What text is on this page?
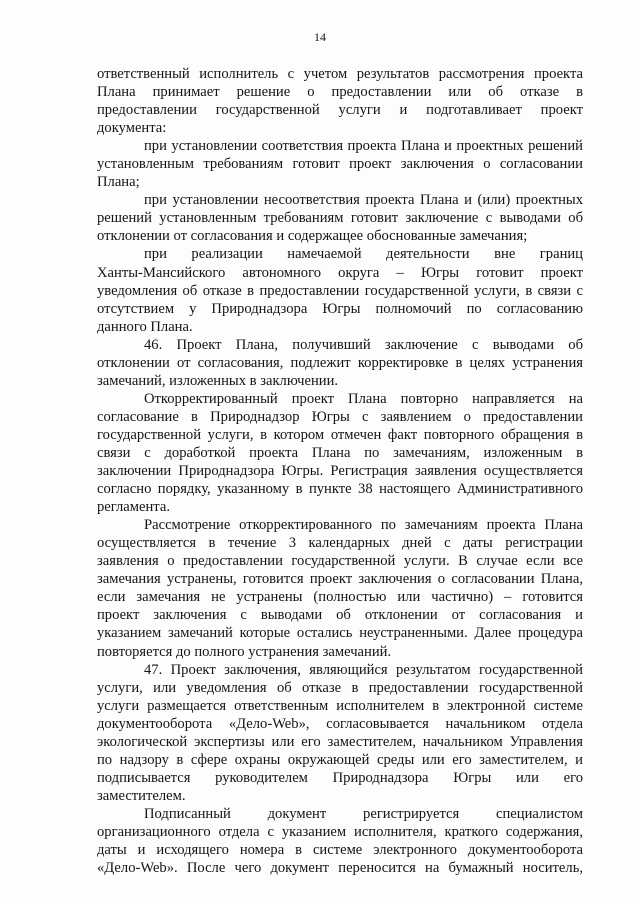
14
ответственный исполнитель с учетом результатов рассмотрения проекта
Плана принимает решение о предоставлении или об отказе в
предоставлении государственной услуги и подготавливает проект
документа:
при установлении соответствия проекта Плана и проектных решений
установленным требованиям готовит проект заключения о согласовании
Плана;
при установлении несоответствия проекта Плана и (или) проектных
решений установленным требованиям готовит заключение с выводами об
отклонении от согласования и содержащее обоснованные замечания;
при реализации намечаемой деятельности вне границ
Ханты-Мансийского автономного округа – Югры готовит проект
уведомления об отказе в предоставлении государственной услуги, в связи с
отсутствием у Природнадзора Югры полномочий по согласованию
данного Плана.
46. Проект Плана, получивший заключение с выводами об
отклонении от согласования, подлежит корректировке в целях устранения
замечаний, изложенных в заключении.
Откорректированный проект Плана повторно направляется на
согласование в Природнадзор Югры с заявлением о предоставлении
государственной услуги, в котором отмечен факт повторного обращения в
связи с доработкой проекта Плана по замечаниям, изложенным в
заключении Природнадзора Югры. Регистрация заявления осуществляется
согласно порядку, указанному в пункте 38 настоящего Административного
регламента.
Рассмотрение откорректированного по замечаниям проекта Плана
осуществляется в течение 3 календарных дней с даты регистрации
заявления о предоставлении государственной услуги. В случае если все
замечания устранены, готовится проект заключения о согласовании Плана,
если замечания не устранены (полностью или частично) – готовится
проект заключения с выводами об отклонении от согласования и
указанием замечаний которые остались неустраненными. Далее процедура
повторяется до полного устранения замечаний.
47. Проект заключения, являющийся результатом государственной
услуги, или уведомления об отказе в предоставлении государственной
услуги размещается ответственным исполнителем в электронной системе
документооборота «Дело-Web», согласовывается начальником отдела
экологической экспертизы или его заместителем, начальником Управления
по надзору в сфере охраны окружающей среды или его заместителем, и
подписывается руководителем Природнадзора Югры или его
заместителем.
Подписанный документ регистрируется специалистом
организационного отдела с указанием исполнителя, краткого содержания,
даты и исходящего номера в системе электронного документооборота
«Дело-Web». После чего документ переносится на бумажный носитель,
